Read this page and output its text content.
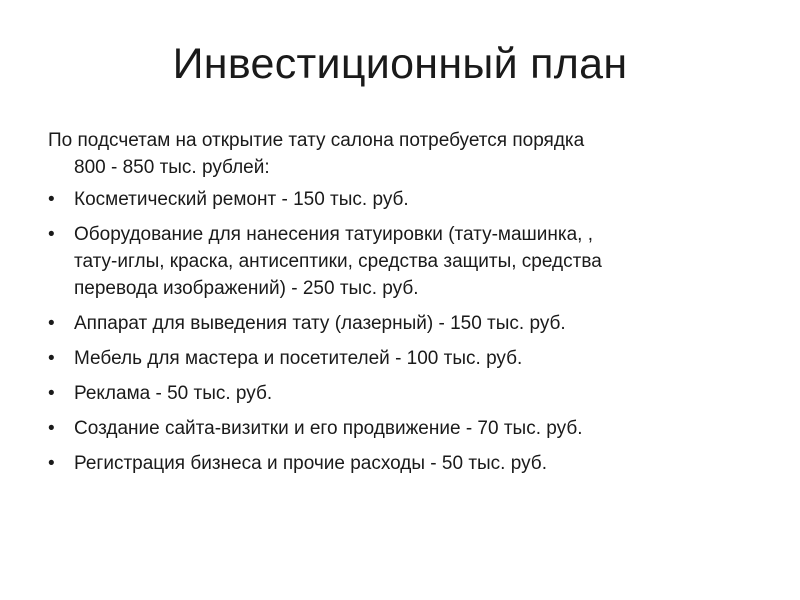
Инвестиционный план
По подсчетам на открытие тату салона потребуется порядка
800 - 850 тыс. рублей:
• Косметический ремонт - 150 тыс. руб.
• Оборудование для нанесения татуировки (тату-машинка, ,
тату-иглы, краска, антисептики, средства защиты, средства
перевода изображений) - 250 тыс. руб.
• Аппарат для выведения тату (лазерный) - 150 тыс. руб.
• Мебель для мастера и посетителей - 100 тыс. руб.
• Реклама - 50 тыс. руб.
• Создание сайта-визитки и его продвижение - 70 тыс. руб.
• Регистрация бизнеса и прочие расходы - 50 тыс. руб.
